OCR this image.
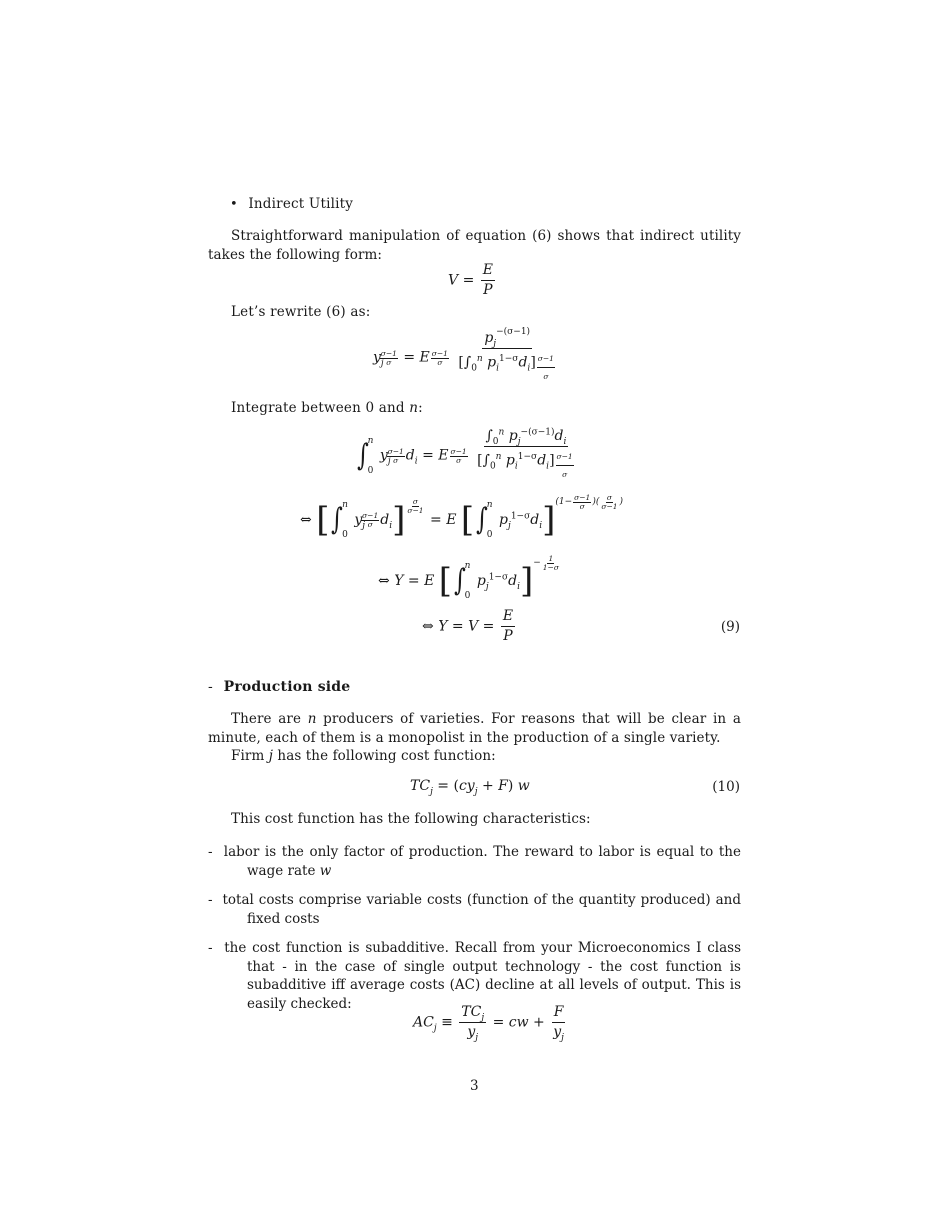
• Indirect Utility
Straightforward manipulation of equation (6) shows that indirect utility takes the following form:
$V = \frac{E}{P}$
Let’s rewrite (6) as:
$y_j$
$\frac{\sigma-1}{\sigma} = E \frac{\sigma-1}{\sigma}$
$\frac{p_j^{-(\sigma-1)}}{[\int_0^n p_i^{1-\sigma}d_i] \frac{\sigma-1}{\sigma}}$
Integrate between 0 and n:
∫
n
0
$y_j$
$\frac{\sigma-1}{\sigma} d_i = E \frac{\sigma-1}{\sigma}$
$\frac{\int_0^n p_j^{-(\sigma-1)}d_i}{[\int_0^n p_i^{1-\sigma}d_i] \frac{\sigma-1}{\sigma}}$
⇔ [∫
n
0
$y_j$
$\frac{\sigma-1}{\sigma} d_i] \frac{\sigma}{\sigma-1}$
= E [∫
n
0
$p_j^{1-\sigma}d_i]^{(1- \frac{\sigma-1}{\sigma} )( \frac{\sigma}{\sigma-1} )}$
⇔ Y = E [∫
n
0
$p_j^{1-\sigma}d_i]^{- \frac{1}{1-\sigma}}$
⇔ $Y = V = \frac{E}{P}$	(9)
- Production side
There are n producers of varieties. For reasons that will be clear in a minute, each of them is a monopolist in the production of a single variety.
Firm j has the following cost function:
$TC_j = (cy_j + F)$ w	(10)
This cost function has the following characteristics:
- labor is the only factor of production. The reward to labor is equal to the wage rate w
- total costs comprise variable costs (function of the quantity produced) and fixed costs
- the cost function is subadditive. Recall from your Microeconomics I class that - in the case of single output technology - the cost function is subadditive iff average costs (AC) decline at all levels of output. This is easily checked:
$AC_j \equiv \frac{TC_j}{y_j}$ = cw + $\frac{F}{y_j}$
3
